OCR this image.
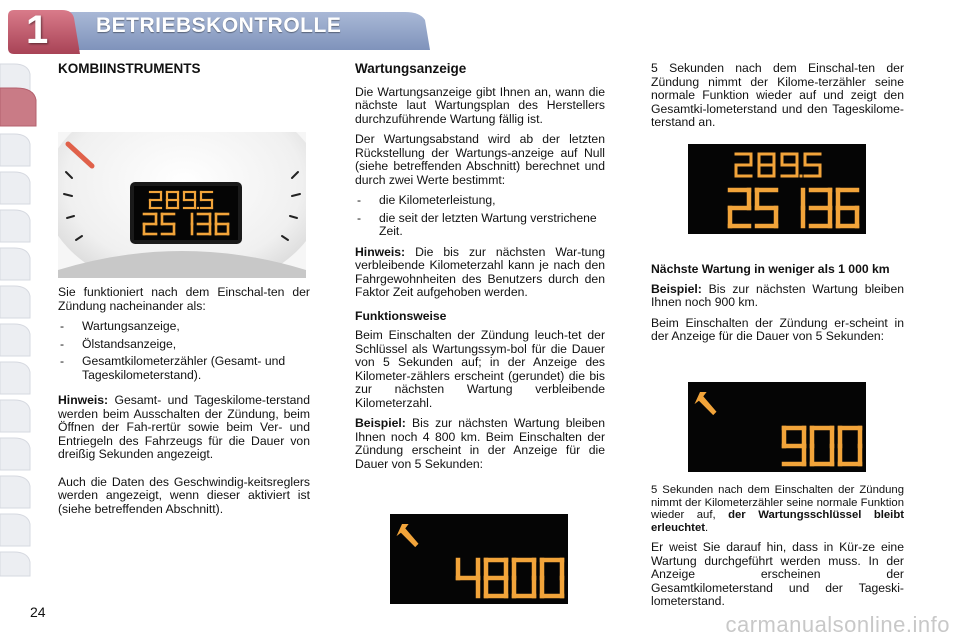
1 BETRIEBSKONTROLLE
KOMBIINSTRUMENTS

Sie funktioniert nach dem Einschal-ten der Zündung nacheinander als:

- Wartungsanzeige,
- Ölstandsanzeige,
- Gesamtkilometerzähler (Gesamt- und Tageskilometerstand).

Hinweis: Gesamt- und Tageskilome-terstand werden beim Ausschalten der Zündung, beim Öffnen der Fah-rertür sowie beim Ver- und Entriegeln des Fahrzeugs für die Dauer von dreißig Sekunden angezeigt.

Auch die Daten des Geschwindig-keitsreglers werden angezeigt, wenn dieser aktiviert ist (siehe betreffenden Abschnitt).

Wartungsanzeige

Die Wartungsanzeige gibt Ihnen an, wann die nächste laut Wartungsplan des Herstellers durchzuführende Wartung fällig ist.

Der Wartungsabstand wird ab der letzten Rückstellung der Wartungs-anzeige auf Null (siehe betreffenden Abschnitt) berechnet und durch zwei Werte bestimmt:

- die Kilometerleistung,
- die seit der letzten Wartung verstrichene Zeit.

Hinweis: Die bis zur nächsten War-tung verbleibende Kilometerzahl kann je nach den Fahrgewohnheiten des Benutzers durch den Faktor Zeit aufgehoben werden.

Funktionsweise

Beim Einschalten der Zündung leuch-tet der Schlüssel als Wartungssym-bol für die Dauer von 5 Sekunden auf; in der Anzeige des Kilometer-zählers erscheint (gerundet) die bis zur nächsten Wartung verbleibende Kilometerzahl.

Beispiel: Bis zur nächsten Wartung bleiben Ihnen noch 4 800 km. Beim Einschalten der Zündung erscheint in der Anzeige für die Dauer von 5 Sekunden:

5 Sekunden nach dem Einschal-ten der Zündung nimmt der Kilome-terzähler seine normale Funktion wieder auf und zeigt den Gesamtki-lometerstand und den Tageskilome-terstand an.

Nächste Wartung in weniger als 1 000 km

Beispiel: Bis zur nächsten Wartung bleiben Ihnen noch 900 km.

Beim Einschalten der Zündung er-scheint in der Anzeige für die Dauer von 5 Sekunden:

5 Sekunden nach dem Einschalten der Zündung nimmt der Kilometerzähler seine normale Funktion wieder auf, der Wartungsschlüssel bleibt erleuchtet.

Er weist Sie darauf hin, dass in Kür-ze eine Wartung durchgeführt werden muss. In der Anzeige erscheinen der Gesamtkilometerstand und der Tageski-lometerstand.

24	carmanualsonline.info
